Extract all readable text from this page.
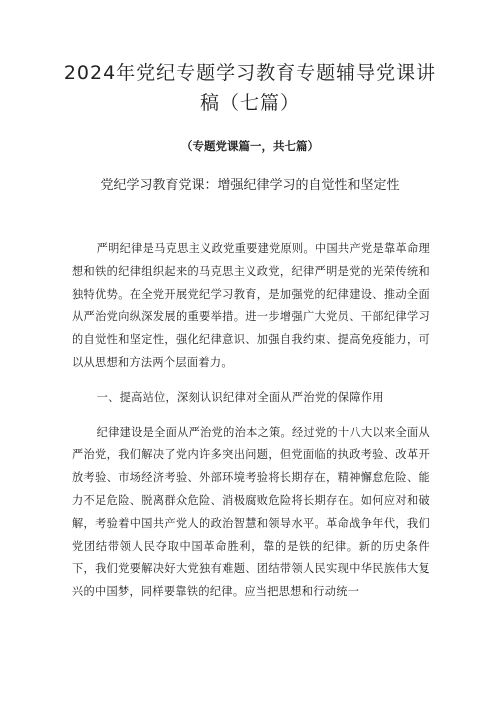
2024年党纪专题学习教育专题辅导党课讲稿（七篇）
（专题党课篇一，共七篇）
党纪学习教育党课：增强纪律学习的自觉性和坚定性

严明纪律是马克思主义政党重要建党原则。中国共产党是靠革命理想和铁的纪律组织起来的马克思主义政党，纪律严明是党的光荣传统和独特优势。在全党开展党纪学习教育，是加强党的纪律建设、推动全面从严治党向纵深发展的重要举措。进一步增强广大党员、干部纪律学习的自觉性和坚定性，强化纪律意识、加强自我约束、提高免疫能力，可以从思想和方法两个层面着力。

一、提高站位，深刻认识纪律对全面从严治党的保障作用

纪律建设是全面从严治党的治本之策。经过党的十八大以来全面从严治党，我们解决了党内许多突出问题，但党面临的执政考验、改革开放考验、市场经济考验、外部环境考验将长期存在，精神懈怠危险、能力不足危险、脱离群众危险、消极腐败危险将长期存在。如何应对和破解，考验着中国共产党人的政治智慧和领导水平。革命战争年代，我们党团结带领人民夺取中国革命胜利，靠的是铁的纪律。新的历史条件下，我们党要解决好大党独有难题、团结带领人民实现中华民族伟大复兴的中国梦，同样要靠铁的纪律。应当把思想和行动统一
